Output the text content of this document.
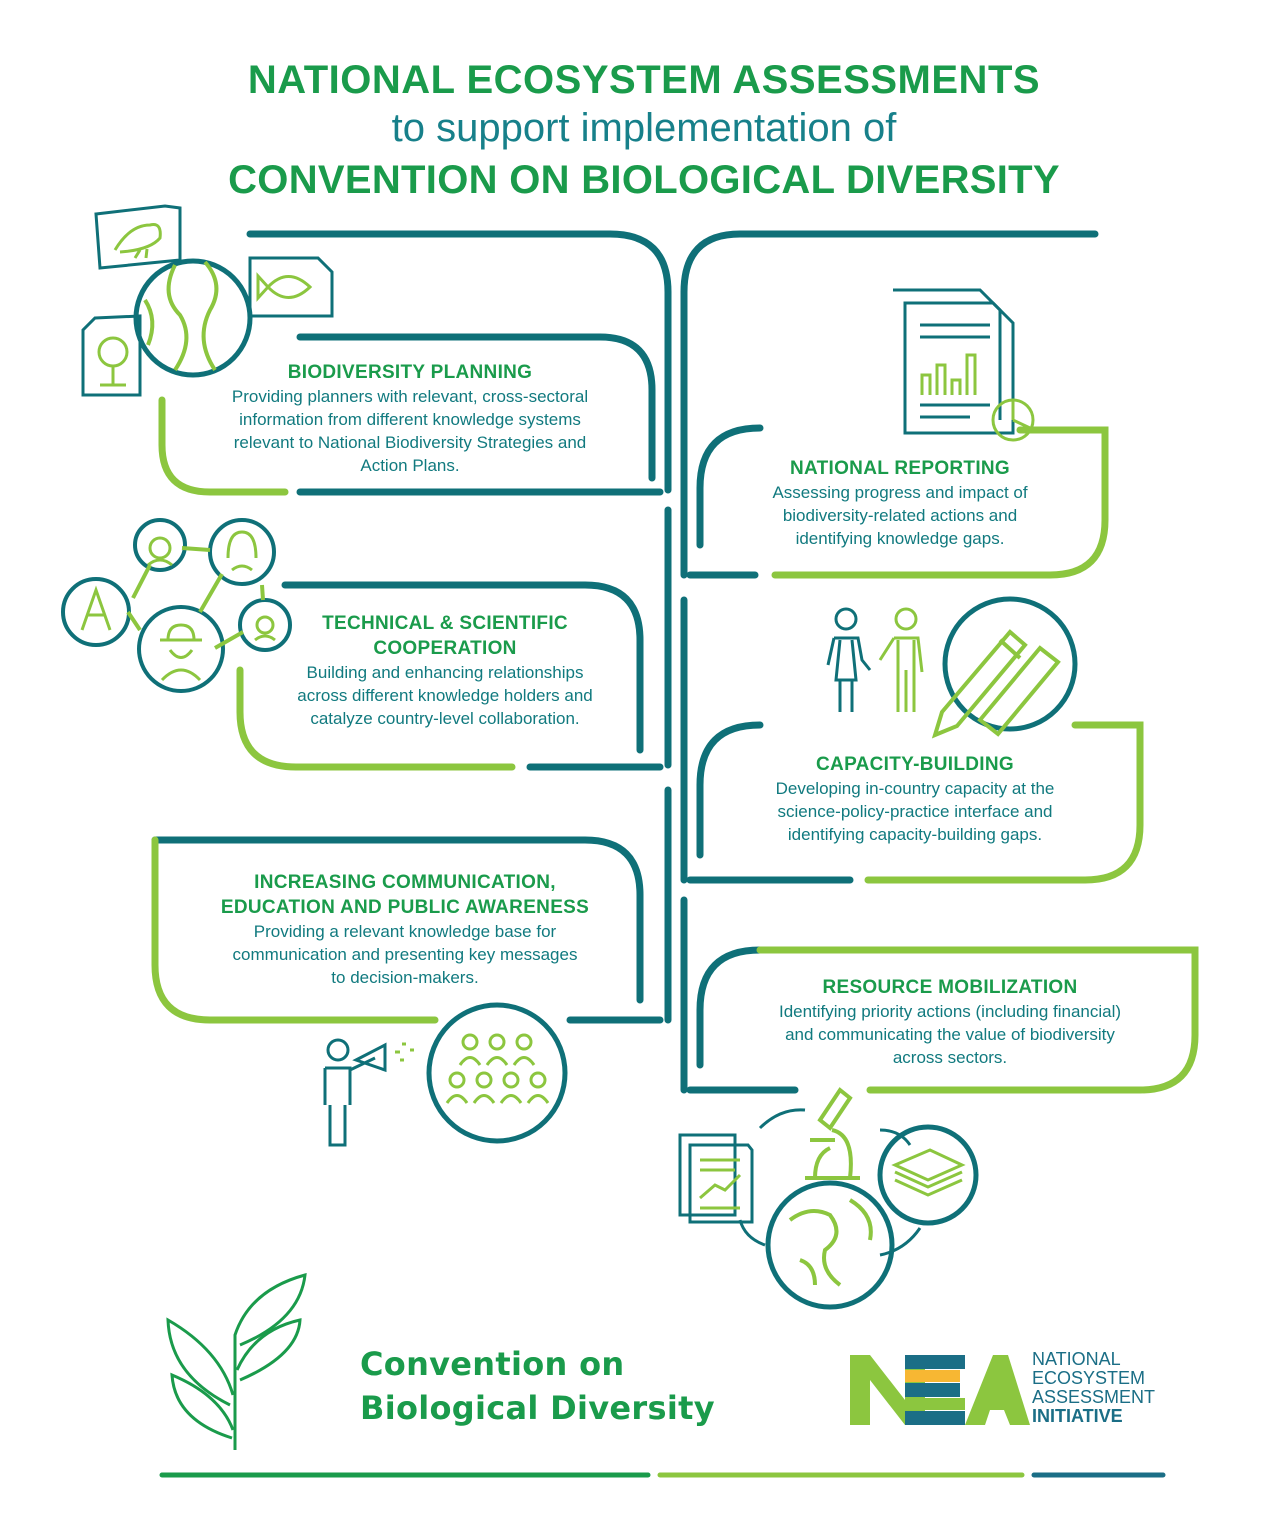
NATIONAL ECOSYSTEM ASSESSMENTS
to support implementation of
CONVENTION ON BIOLOGICAL DIVERSITY
BIODIVERSITY PLANNING
Providing planners with relevant, cross-sectoral
information from different knowledge systems
relevant to National Biodiversity Strategies and
Action Plans.	NATIONAL REPORTING
Assessing progress and impact of
biodiversity-related actions and
identifying knowledge gaps.
TECHNICAL & SCIENTIFIC
COOPERATION
Building and enhancing relationships
across different knowledge holders and
catalyze country-level collaboration.
CAPACITY-BUILDING
Developing in-country capacity at the
science-policy-practice interface and
identifying capacity-building gaps.
INCREASING COMMUNICATION,
EDUCATION AND PUBLIC AWARENESS
Providing a relevant knowledge base for
communication and presenting key messages
to decision-makers.	RESOURCE MOBILIZATION
Identifying priority actions (including financial)
and communicating the value of biodiversity
across sectors.
Convention on
Biological Diversity
NATIONAL
ECOSYSTEM
ASSESSMENT
INITIATIVE
